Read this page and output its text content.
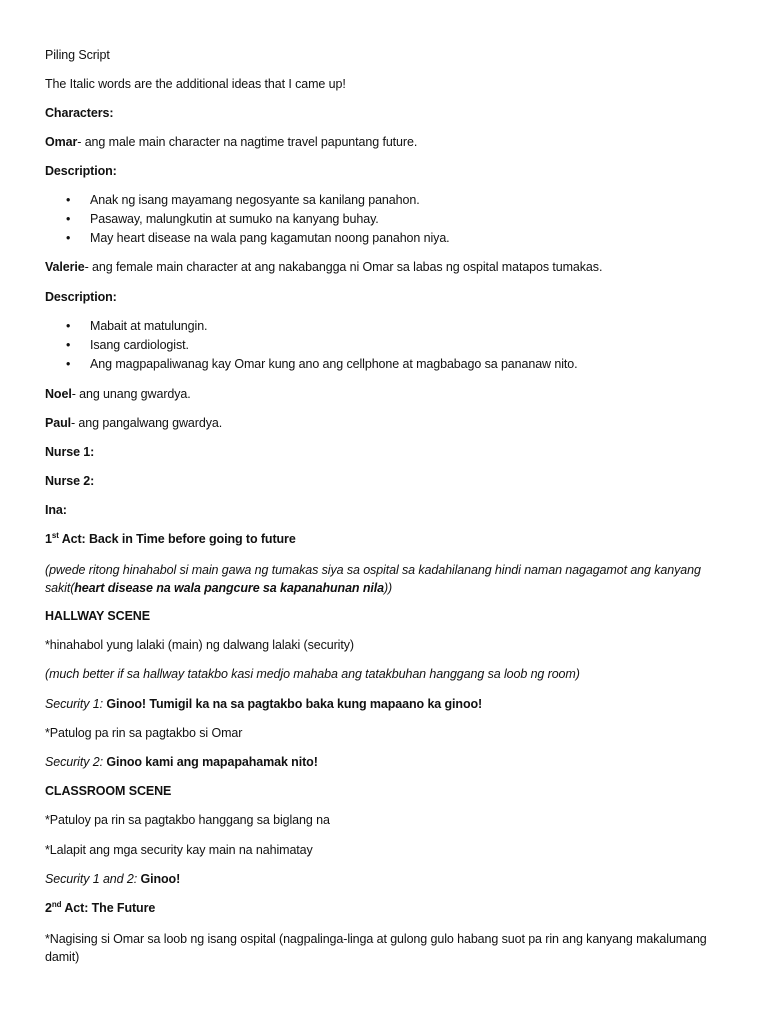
Piling Script
The Italic words are the additional ideas that I came up!
Characters:
Omar- ang male main character na nagtime travel papuntang future.
Description:
• Anak ng isang mayamang negosyante sa kanilang panahon.
• Pasaway, malungkutin at sumuko na kanyang buhay.
• May heart disease na wala pang kagamutan noong panahon niya.
Valerie- ang female main character at ang nakabangga ni Omar sa labas ng ospital matapos tumakas.
Description:
• Mabait at matulungin.
• Isang cardiologist.
• Ang magpapaliwanag kay Omar kung ano ang cellphone at magbabago sa pananaw nito.
Noel- ang unang gwardya.
Paul- ang pangalwang gwardya.
Nurse 1:
Nurse 2:
Ina:
1st Act: Back in Time before going to future
(pwede ritong hinahabol si main gawa ng tumakas siya sa ospital sa kadahilanang hindi naman nagagamot ang kanyang sakit(heart disease na wala pangcure sa kapanahunan nila))
HALLWAY SCENE
*hinahabol yung lalaki (main) ng dalwang lalaki (security)
(much better if sa hallway tatakbo kasi medjo mahaba ang tatakbuhan hanggang sa loob ng room)
Security 1: Ginoo! Tumigil ka na sa pagtakbo baka kung mapaano ka ginoo!
*Patulog pa rin sa pagtakbo si Omar
Security 2: Ginoo kami ang mapapahamak nito!
CLASSROOM SCENE
*Patuloy pa rin sa pagtakbo hanggang sa biglang na
*Lalapit ang mga security kay main na nahimatay
Security 1 and 2: Ginoo!
2nd Act: The Future
*Nagising si Omar sa loob ng isang ospital (nagpalinga-linga at gulong gulo habang suot pa rin ang kanyang makalumang damit)
